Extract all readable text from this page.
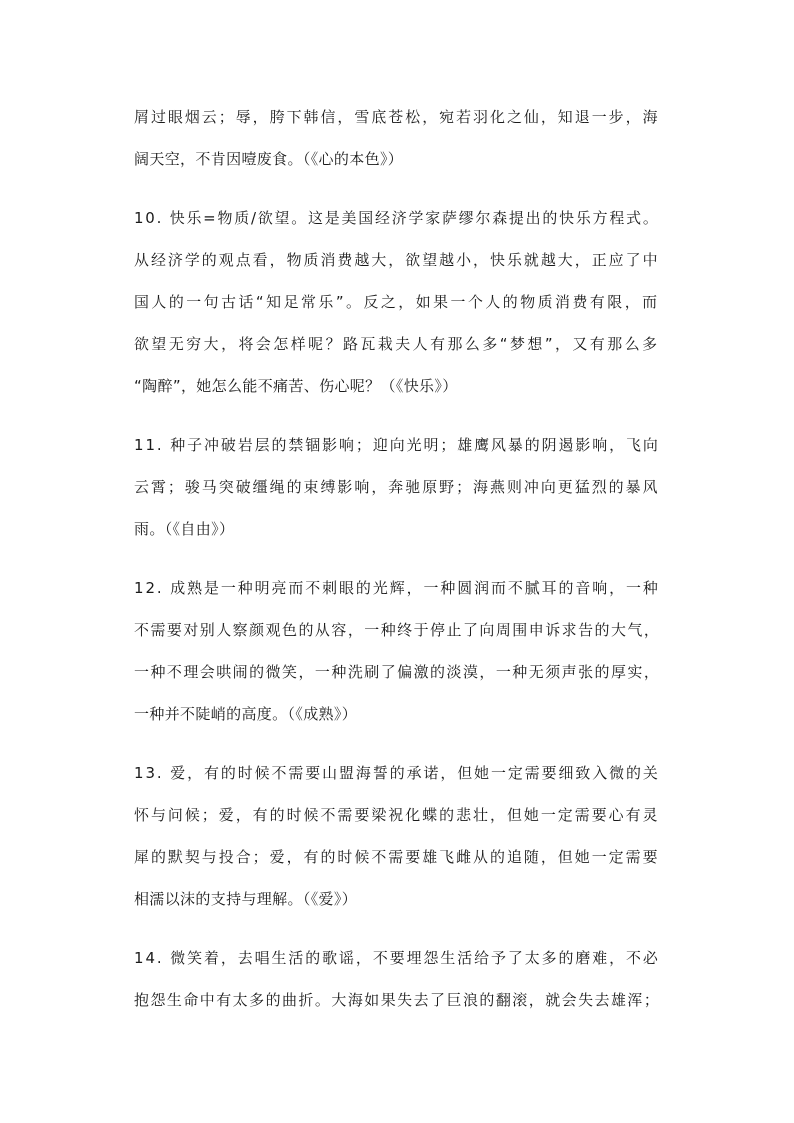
屑过眼烟云；辱，胯下韩信，雪底苍松，宛若羽化之仙，知退一步，海
阔天空，不肯因噎废食。（《心的本色》）
10. 快乐=物质/欲望。这是美国经济学家萨缪尔森提出的快乐方程式。
从经济学的观点看，物质消费越大，欲望越小，快乐就越大，正应了中
国人的一句古话“知足常乐”。反之，如果一个人的物质消费有限，而
欲望无穷大，将会怎样呢？路瓦栽夫人有那么多“梦想”，又有那么多
“陶醉”，她怎么能不痛苦、伤心呢？（《快乐》）
11. 种子冲破岩层的禁锢影响；迎向光明；雄鹰风暴的阴遏影响，飞向
云霄；骏马突破缰绳的束缚影响，奔驰原野；海燕则冲向更猛烈的暴风
雨。（《自由》）
12. 成熟是一种明亮而不刺眼的光辉，一种圆润而不腻耳的音响，一种
不需要对别人察颜观色的从容，一种终于停止了向周围申诉求告的大气，
一种不理会哄闹的微笑，一种洗刷了偏激的淡漠，一种无须声张的厚实，
一种并不陡峭的高度。（《成熟》）
13. 爱，有的时候不需要山盟海誓的承诺，但她一定需要细致入微的关
怀与问候；爱，有的时候不需要梁祝化蝶的悲壮，但她一定需要心有灵
犀的默契与投合；爱，有的时候不需要雄飞雌从的追随，但她一定需要
相濡以沫的支持与理解。（《爱》）
14. 微笑着，去唱生活的歌谣，不要埋怨生活给予了太多的磨难，不必
抱怨生命中有太多的曲折。大海如果失去了巨浪的翻滚，就会失去雄浑；
